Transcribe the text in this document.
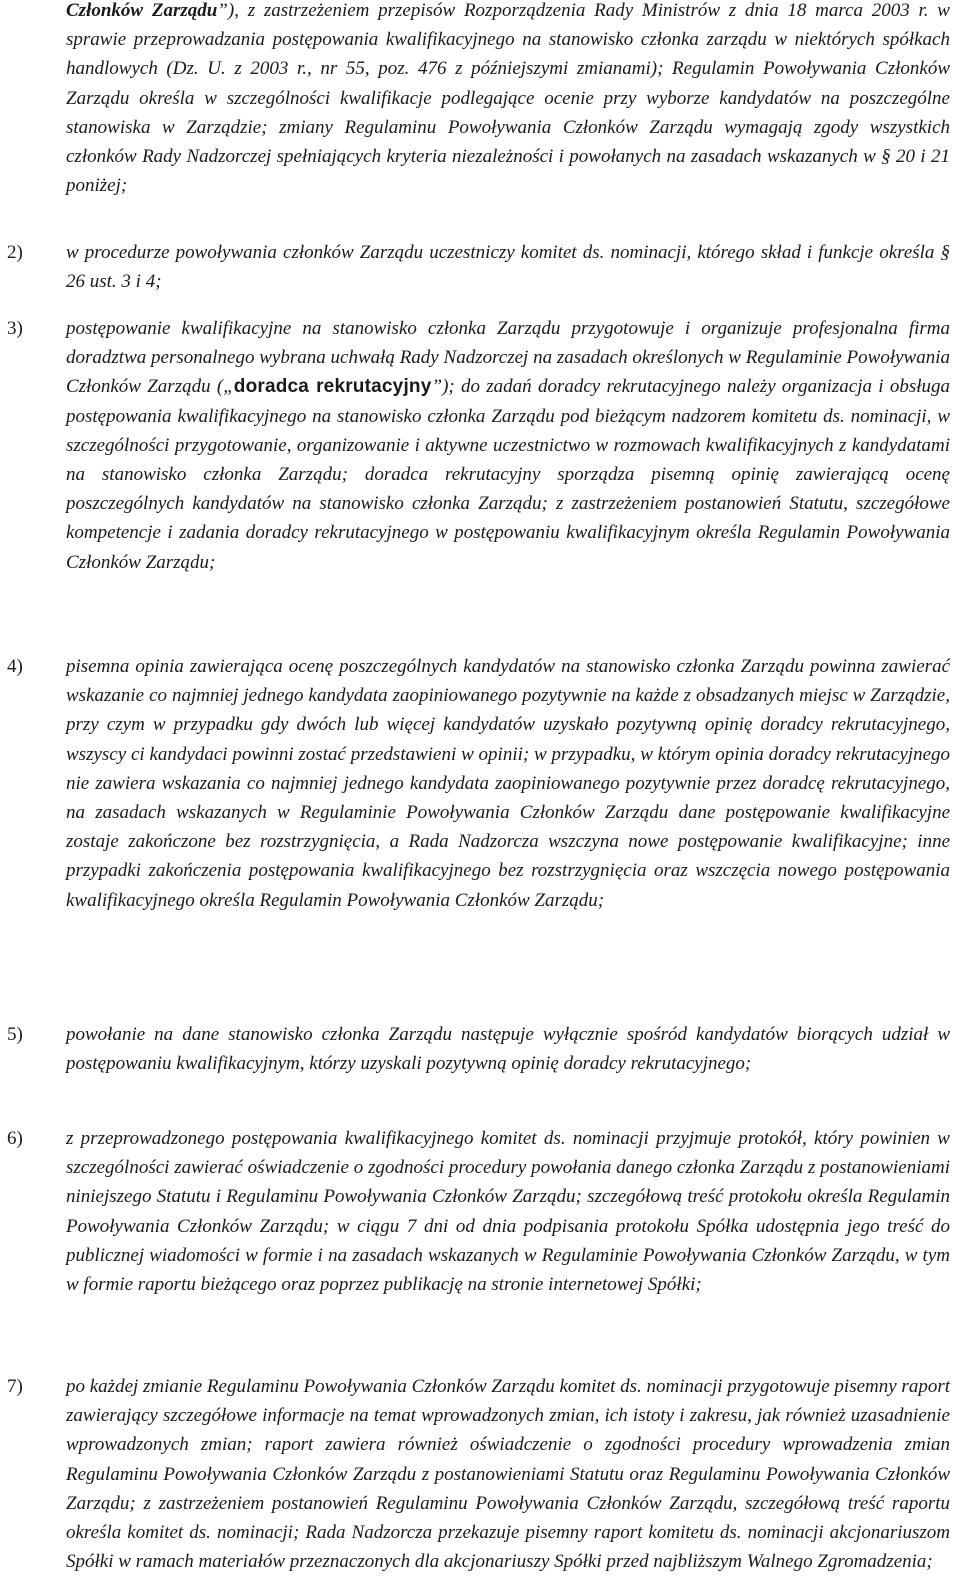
Członków Zarządu”), z zastrzeżeniem przepisów Rozporządzenia Rady Ministrów z dnia 18 marca 2003 r. w sprawie przeprowadzania postępowania kwalifikacyjnego na stanowisko członka zarządu w niektórych spółkach handlowych (Dz. U. z 2003 r., nr 55, poz. 476 z późniejszymi zmianami); Regulamin Powoływania Członków Zarządu określa w szczególności kwalifikacje podlegające ocenie przy wyborze kandydatów na poszczególne stanowiska w Zarządzie; zmiany Regulaminu Powoływania Członków Zarządu wymagają zgody wszystkich członków Rady Nadzorczej spełniających kryteria niezależności i powołanych na zasadach wskazanych w § 20 i 21 poniżej;

2) w procedurze powoływania członków Zarządu uczestniczy komitet ds. nominacji, którego skład i funkcje określa § 26 ust. 3 i 4;

3) postępowanie kwalifikacyjne na stanowisko członka Zarządu przygotowuje i organizuje profesjonalna firma doradztwa personalnego wybrana uchwałą Rady Nadzorczej na zasadach określonych w Regulaminie Powoływania Członków Zarządu („doradca rekrutacyjny”); do zadań doradcy rekrutacyjnego należy organizacja i obsługa postępowania kwalifikacyjnego na stanowisko członka Zarządu pod bieżącym nadzorem komitetu ds. nominacji, w szczególności przygotowanie, organizowanie i aktywne uczestnictwo w rozmowach kwalifikacyjnych z kandydatami na stanowisko członka Zarządu; doradca rekrutacyjny sporządza pisemną opinię zawierającą ocenę poszczególnych kandydatów na stanowisko członka Zarządu; z zastrzeżeniem postanowień Statutu, szczegółowe kompetencje i zadania doradcy rekrutacyjnego w postępowaniu kwalifikacyjnym określa Regulamin Powoływania Członków Zarządu;

4) pisemna opinia zawierająca ocenę poszczególnych kandydatów na stanowisko członka Zarządu powinna zawierać wskazanie co najmniej jednego kandydata zaopiniowanego pozytywnie na każde z obsadzanych miejsc w Zarządzie, przy czym w przypadku gdy dwóch lub więcej kandydatów uzyskało pozytywną opinię doradcy rekrutacyjnego, wszyscy ci kandydaci powinni zostać przedstawieni w opinii; w przypadku, w którym opinia doradcy rekrutacyjnego nie zawiera wskazania co najmniej jednego kandydata zaopiniowanego pozytywnie przez doradcę rekrutacyjnego, na zasadach wskazanych w Regulaminie Powoływania Członków Zarządu dane postępowanie kwalifikacyjne zostaje zakończone bez rozstrzygnięcia, a Rada Nadzorcza wszczyna nowe postępowanie kwalifikacyjne; inne przypadki zakończenia postępowania kwalifikacyjnego bez rozstrzygnięcia oraz wszczęcia nowego postępowania kwalifikacyjnego określa Regulamin Powoływania Członków Zarządu;

5) powołanie na dane stanowisko członka Zarządu następuje wyłącznie spośród kandydatów biorących udział w postępowaniu kwalifikacyjnym, którzy uzyskali pozytywną opinię doradcy rekrutacyjnego;

6) z przeprowadzonego postępowania kwalifikacyjnego komitet ds. nominacji przyjmuje protokół, który powinien w szczególności zawierać oświadczenie o zgodności procedury powołania danego członka Zarządu z postanowieniami niniejszego Statutu i Regulaminu Powoływania Członków Zarządu; szczegółową treść protokołu określa Regulamin Powoływania Członków Zarządu; w ciągu 7 dni od dnia podpisania protokołu Spółka udostępnia jego treść do publicznej wiadomości w formie i na zasadach wskazanych w Regulaminie Powoływania Członków Zarządu, w tym w formie raportu bieżącego oraz poprzez publikację na stronie internetowej Spółki;

7) po każdej zmianie Regulaminu Powoływania Członków Zarządu komitet ds. nominacji przygotowuje pisemny raport zawierający szczegółowe informacje na temat wprowadzonych zmian, ich istoty i zakresu, jak również uzasadnienie wprowadzonych zmian; raport zawiera również oświadczenie o zgodności procedury wprowadzenia zmian Regulaminu Powoływania Członków Zarządu z postanowieniami Statutu oraz Regulaminu Powoływania Członków Zarządu; z zastrzeżeniem postanowień Regulaminu Powoływania Członków Zarządu, szczegółową treść raportu określa komitet ds. nominacji; Rada Nadzorcza przekazuje pisemny raport komitetu ds. nominacji akcjonariuszom Spółki w ramach materiałów przeznaczonych dla akcjonariuszy Spółki przed najbliższym Walnego Zgromadzenia;
